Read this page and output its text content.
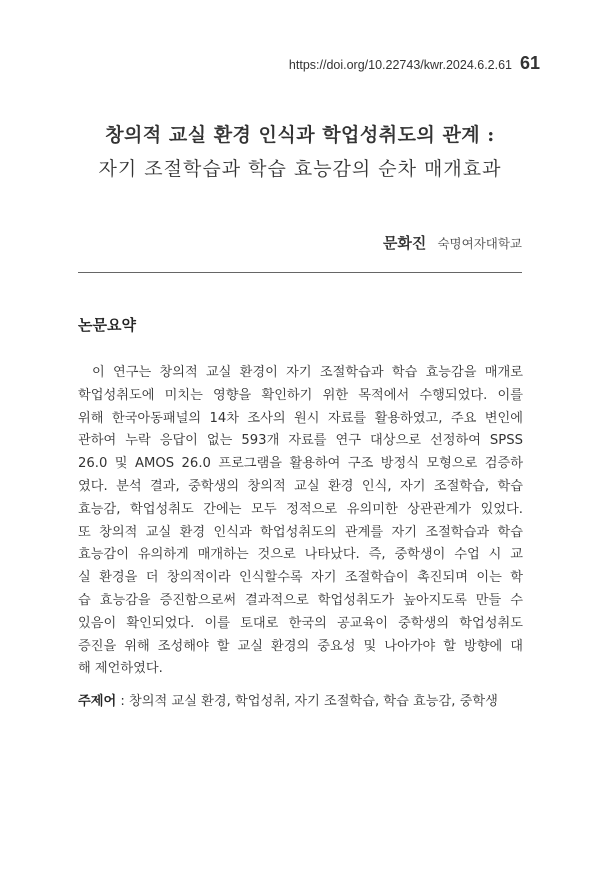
https://doi.org/10.22743/kwr.2024.6.2.61 61
창의적 교실 환경 인식과 학업성취도의 관계 :
자기 조절학습과 학습 효능감의 순차 매개효과
문화진 숙명여자대학교
논문요약
이 연구는 창의적 교실 환경이 자기 조절학습과 학습 효능감을 매개로
학업성취도에 미치는 영향을 확인하기 위한 목적에서 수행되었다. 이를
위해 한국아동패널의 14차 조사의 원시 자료를 활용하였고, 주요 변인에
관하여 누락 응답이 없는 593개 자료를 연구 대상으로 선정하여 SPSS
26.0 및 AMOS 26.0 프로그램을 활용하여 구조 방정식 모형으로 검증하
였다. 분석 결과, 중학생의 창의적 교실 환경 인식, 자기 조절학습, 학습
효능감, 학업성취도 간에는 모두 정적으로 유의미한 상관관계가 있었다.
또 창의적 교실 환경 인식과 학업성취도의 관계를 자기 조절학습과 학습
효능감이 유의하게 매개하는 것으로 나타났다. 즉, 중학생이 수업 시 교
실 환경을 더 창의적이라 인식할수록 자기 조절학습이 촉진되며 이는 학
습 효능감을 증진함으로써 결과적으로 학업성취도가 높아지도록 만들 수
있음이 확인되었다. 이를 토대로 한국의 공교육이 중학생의 학업성취도
증진을 위해 조성해야 할 교실 환경의 중요성 및 나아가야 할 방향에 대
해 제언하였다.
주제어 : 창의적 교실 환경, 학업성취, 자기 조절학습, 학습 효능감, 중학생
